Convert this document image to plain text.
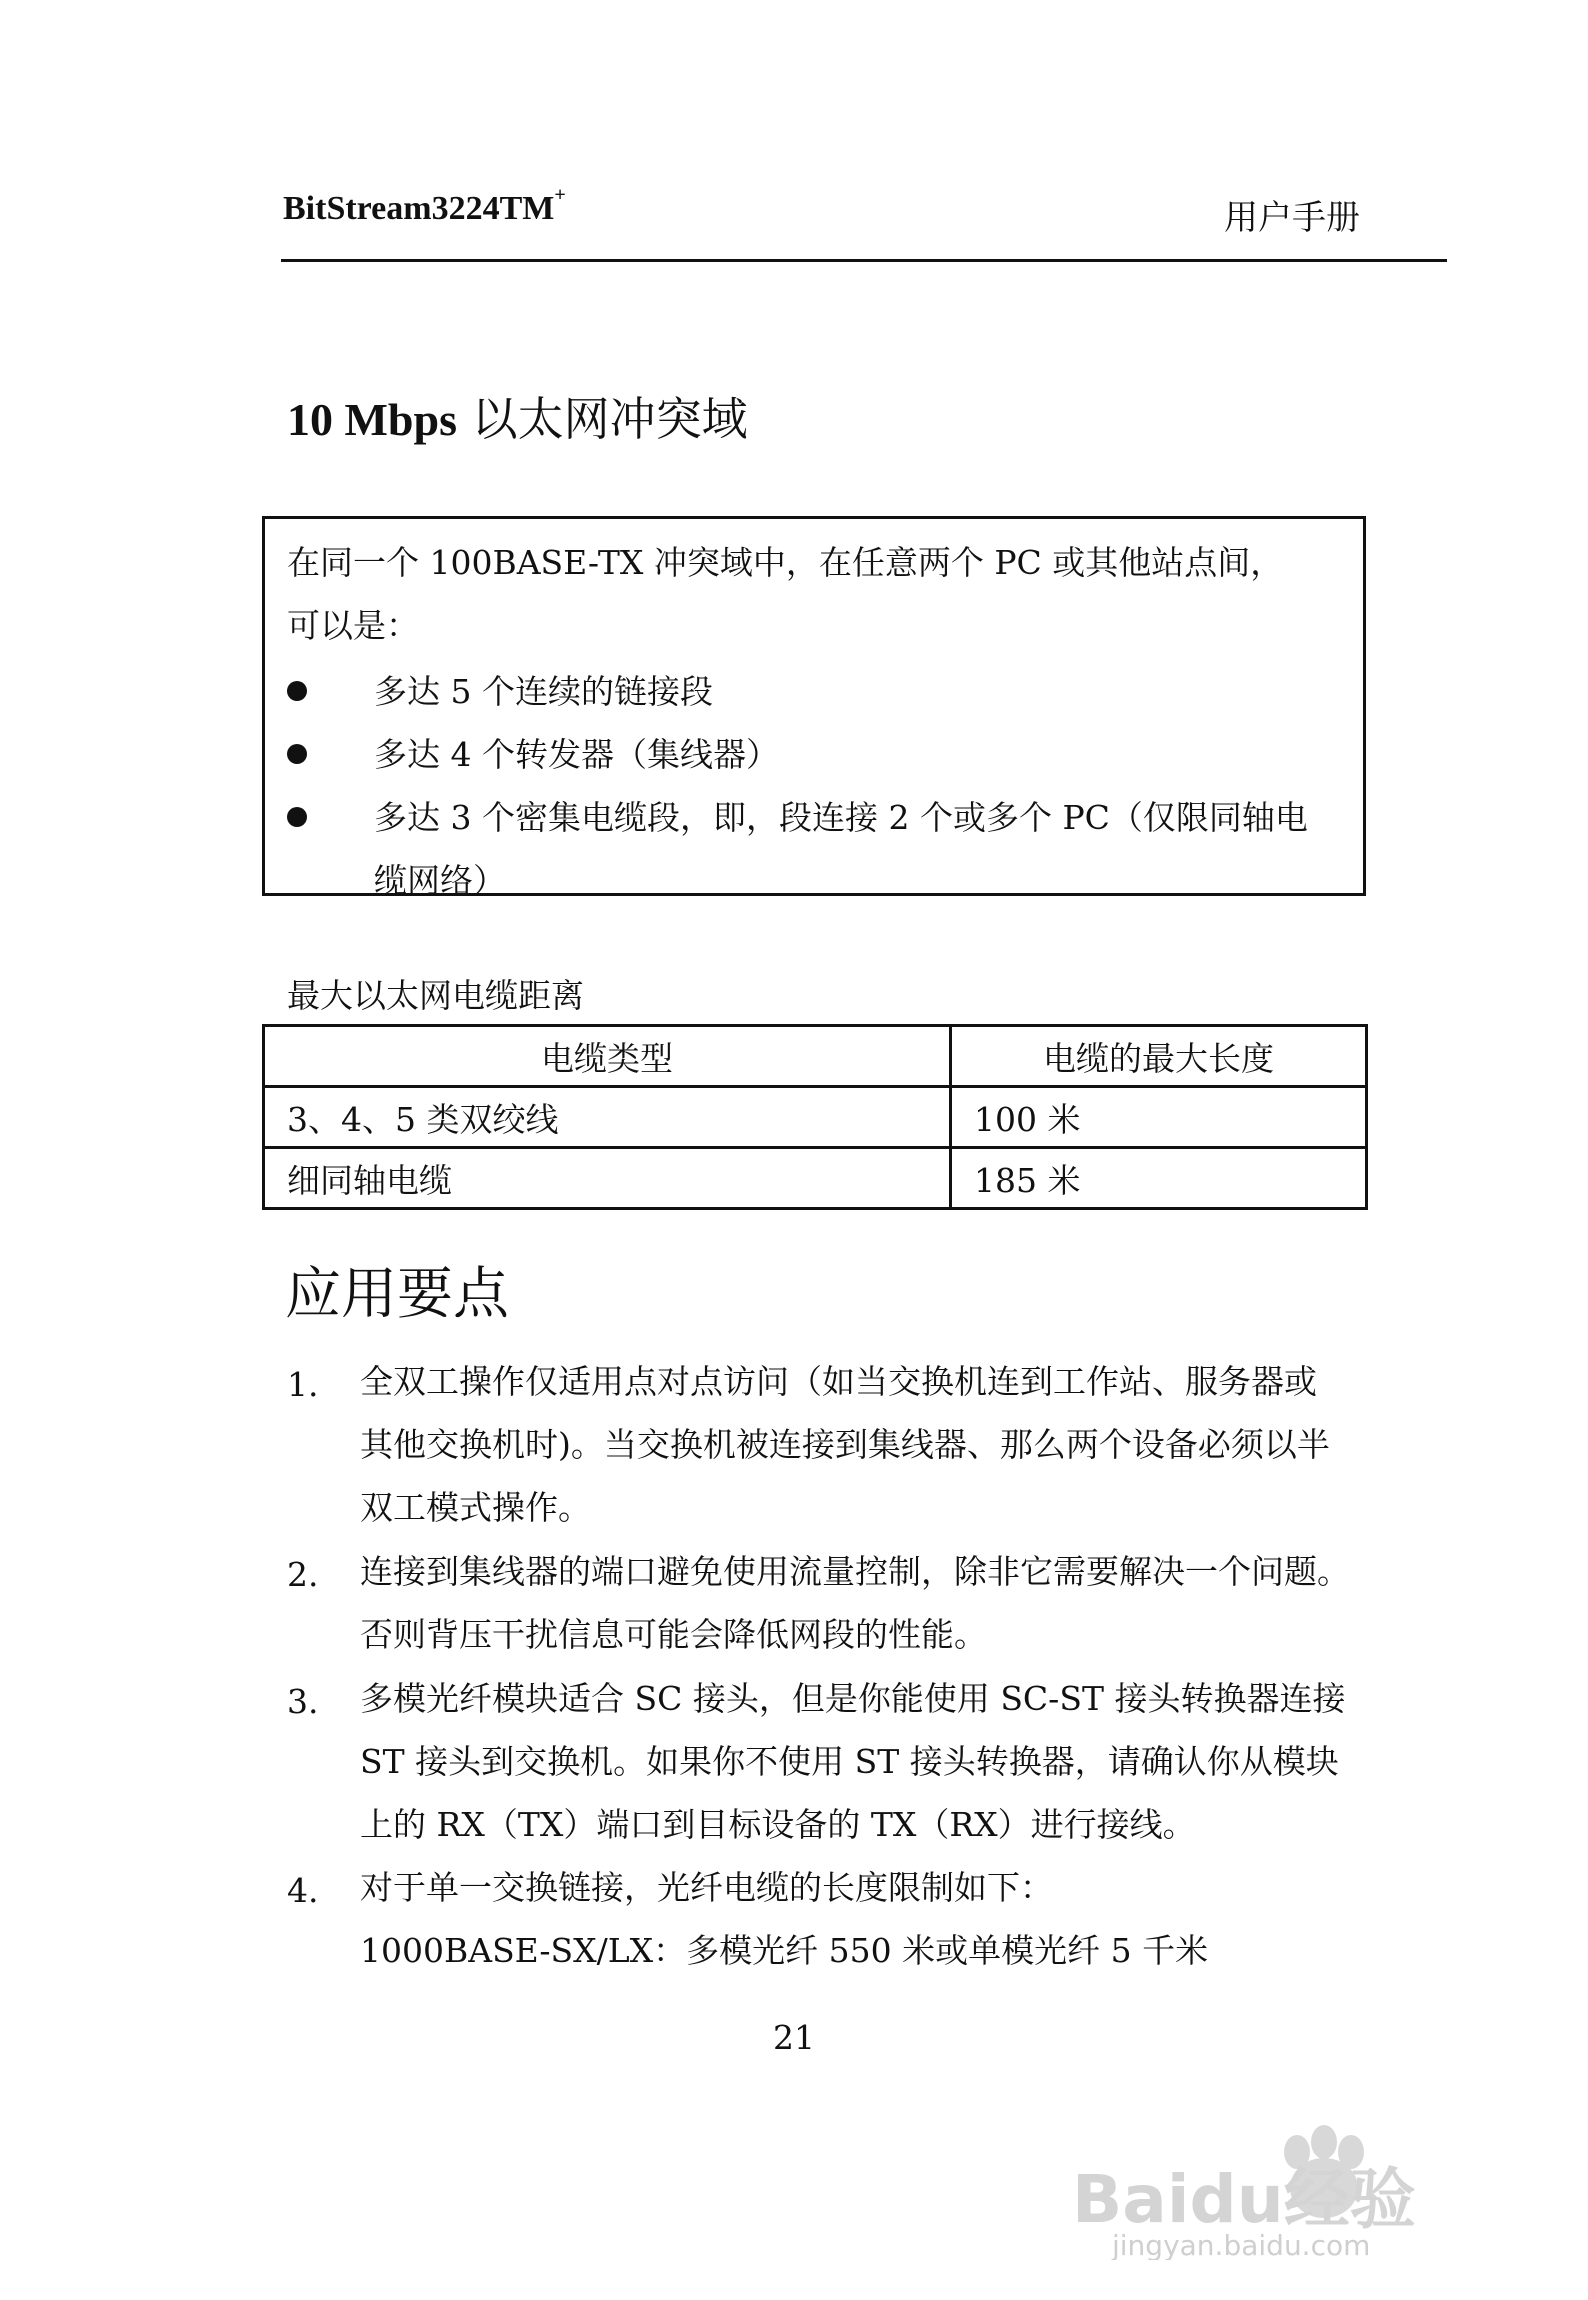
BitStream3224TM+
用户手册
10 Mbps 以太网冲突域

在同一个 100BASE-TX 冲突域中，在任意两个 PC 或其他站点间，

可以是：

多达 5 个连续的链接段
多达 4 个转发器（集线器）
多达 3 个密集电缆段，即，段连接 2 个或多个 PC（仅限同轴电
缆网络）
最大以太网电缆距离
电缆类型	电缆的最大长度
3、4、5 类双绞线	100 米
细同轴电缆	185 米
应用要点
1. 全双工操作仅适用点对点访问（如当交换机连到工作站、服务器或
其他交换机时)。当交换机被连接到集线器、那么两个设备必须以半
双工模式操作。
2. 连接到集线器的端口避免使用流量控制，除非它需要解决一个问题。
否则背压干扰信息可能会降低网段的性能。
3. 多模光纤模块适合 SC 接头，但是你能使用 SC-ST 接头转换器连接
ST 接头到交换机。如果你不使用 ST 接头转换器，请确认你从模块
上的 RX（TX）端口到目标设备的 TX（RX）进行接线。
4. 对于单一交换链接，光纤电缆的长度限制如下：
1000BASE-SX/LX：多模光纤 550 米或单模光纤 5 千米
21
Baidu经验
jingyan.baidu.com
